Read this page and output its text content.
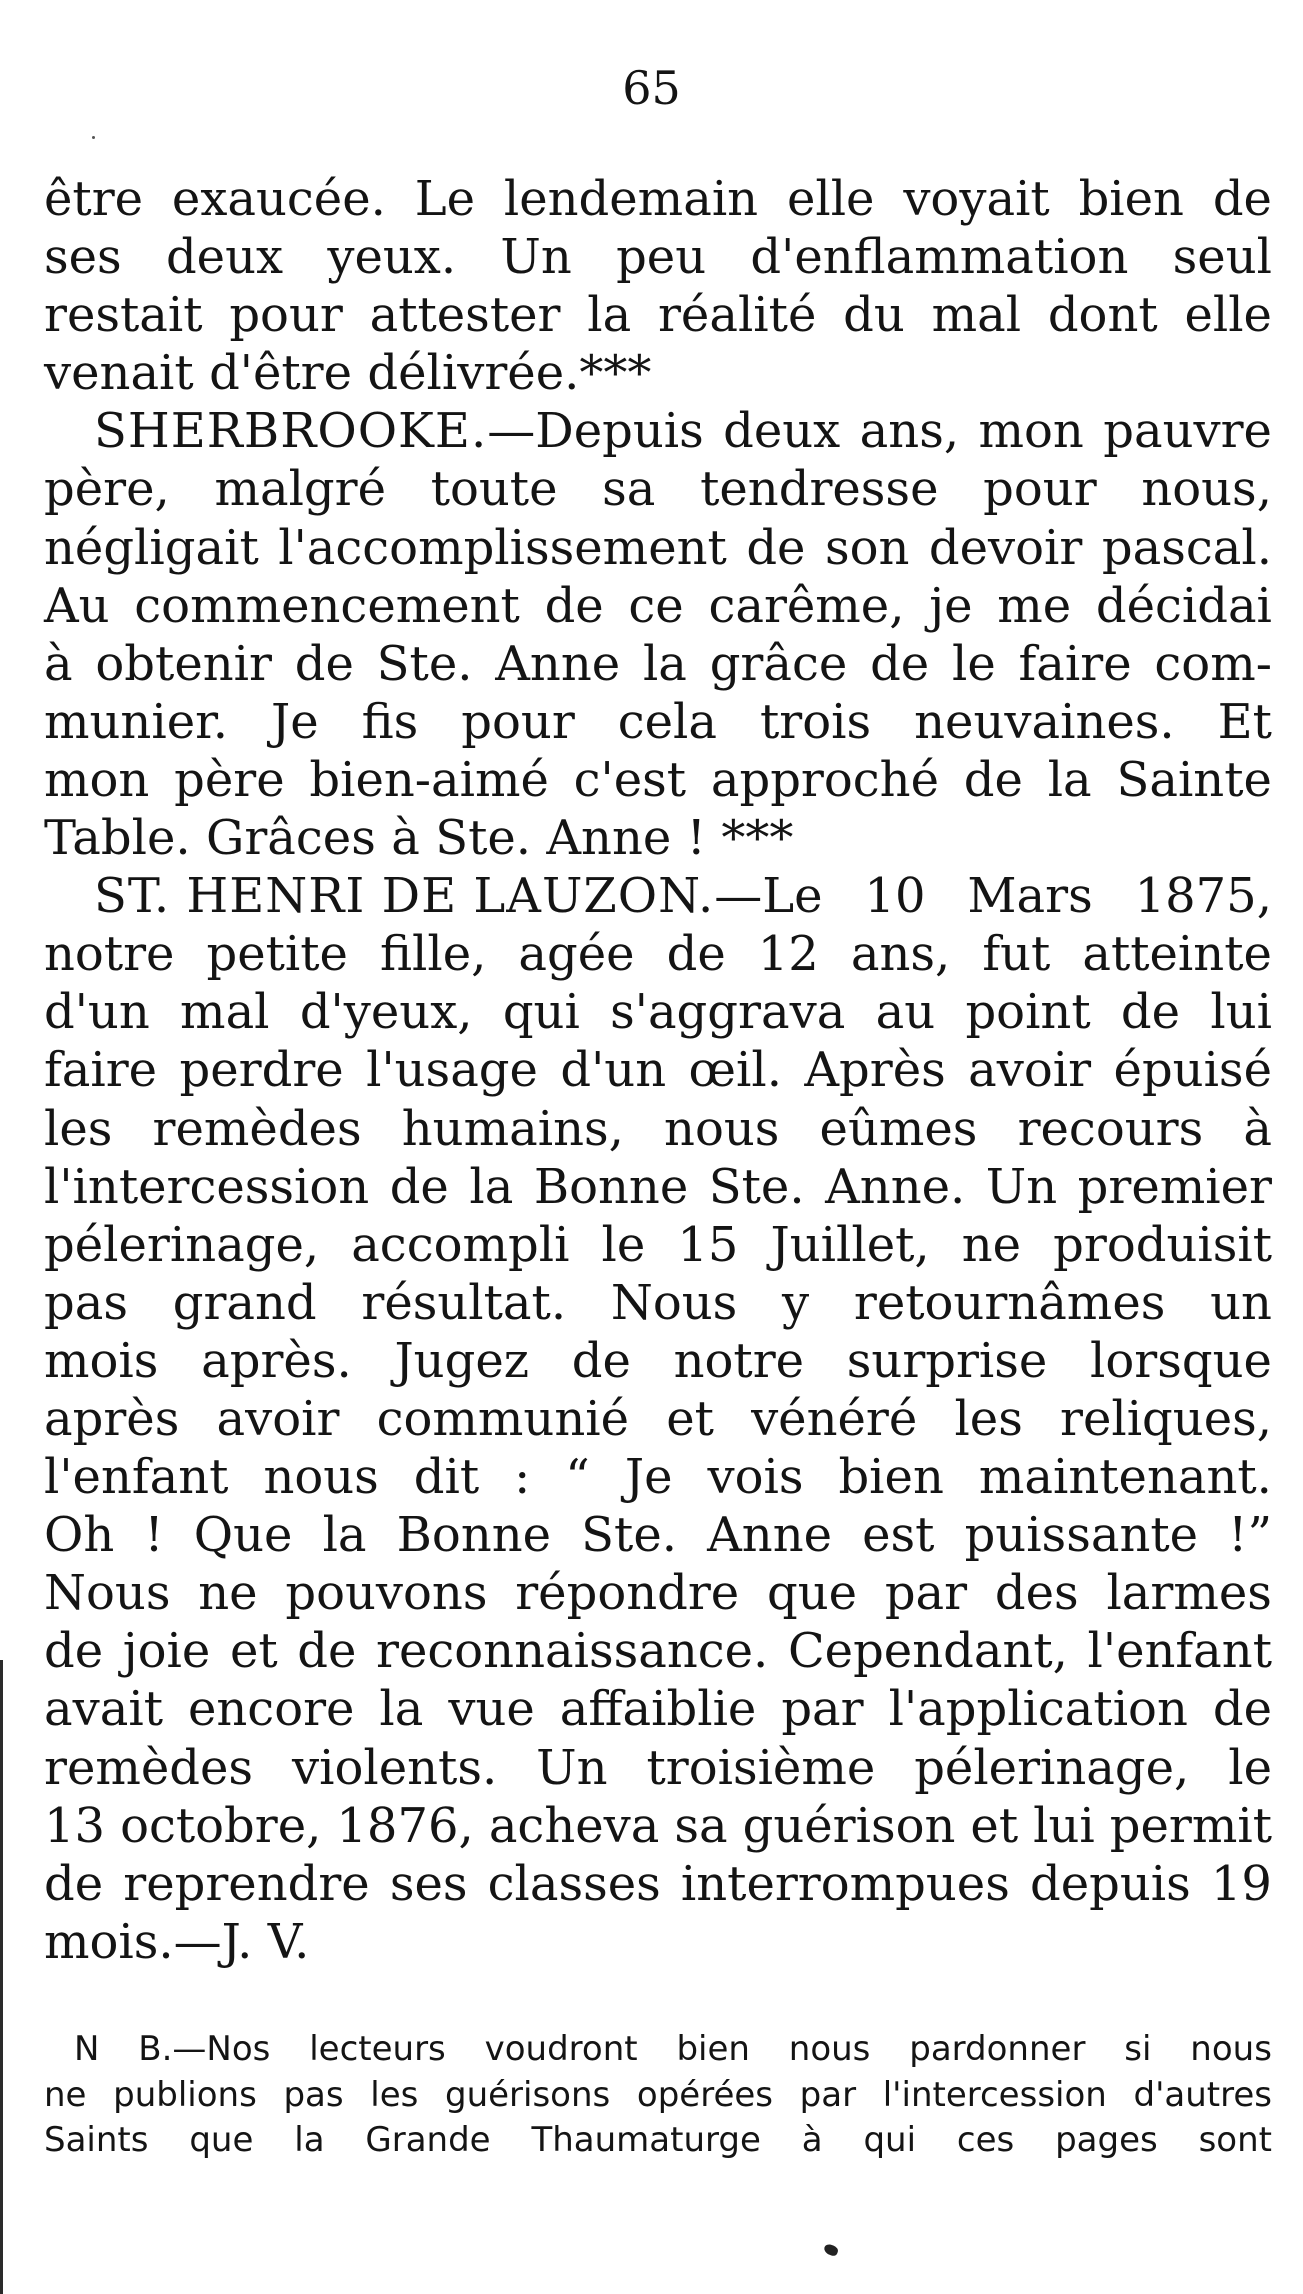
65
être exaucée. Le lendemain elle voyait bien de
ses deux yeux. Un peu d'enflammation seul
restait pour attester la réalité du mal dont elle
venait d'être délivrée.***
SHERBROOKE. —Depuis deux ans, mon pauvre
père, malgré toute sa tendresse pour nous,
négligait l'accomplissement de son devoir pascal.
Au commencement de ce carême, je me décidai
à obtenir de Ste. Anne la grâce de le faire com-
munier. Je fis pour cela trois neuvaines. Et
mon père bien-aimé c'est approché de la Sainte
Table. Grâces à Ste. Anne ! ***
ST. HENRI DE LAUZON. —Le 10 Mars 1875,
notre petite fille, agée de 12 ans, fut atteinte
d'un mal d'yeux, qui s'aggrava au point de lui
faire perdre l'usage d'un œil. Après avoir épuisé
les remèdes humains, nous eûmes recours à
l'intercession de la Bonne Ste. Anne. Un premier
pélerinage, accompli le 15 Juillet, ne produisit
pas grand résultat. Nous y retournâmes un
mois après. Jugez de notre surprise lorsque
après avoir communié et vénéré les reliques,
l'enfant nous dit : “ Je vois bien maintenant.
Oh ! Que la Bonne Ste. Anne est puissante !”
Nous ne pouvons répondre que par des larmes
de joie et de reconnaissance. Cependant, l'enfant
avait encore la vue affaiblie par l'application de
remèdes violents. Un troisième pélerinage, le
13 octobre, 1876, acheva sa guérison et lui permit
de reprendre ses classes interrompues depuis 19
mois.—J. V.
N B.—Nos lecteurs voudront bien nous pardonner si nous
ne publions pas les guérisons opérées par l'intercession d'autres
Saints que la Grande Thaumaturge à qui ces pages sont
